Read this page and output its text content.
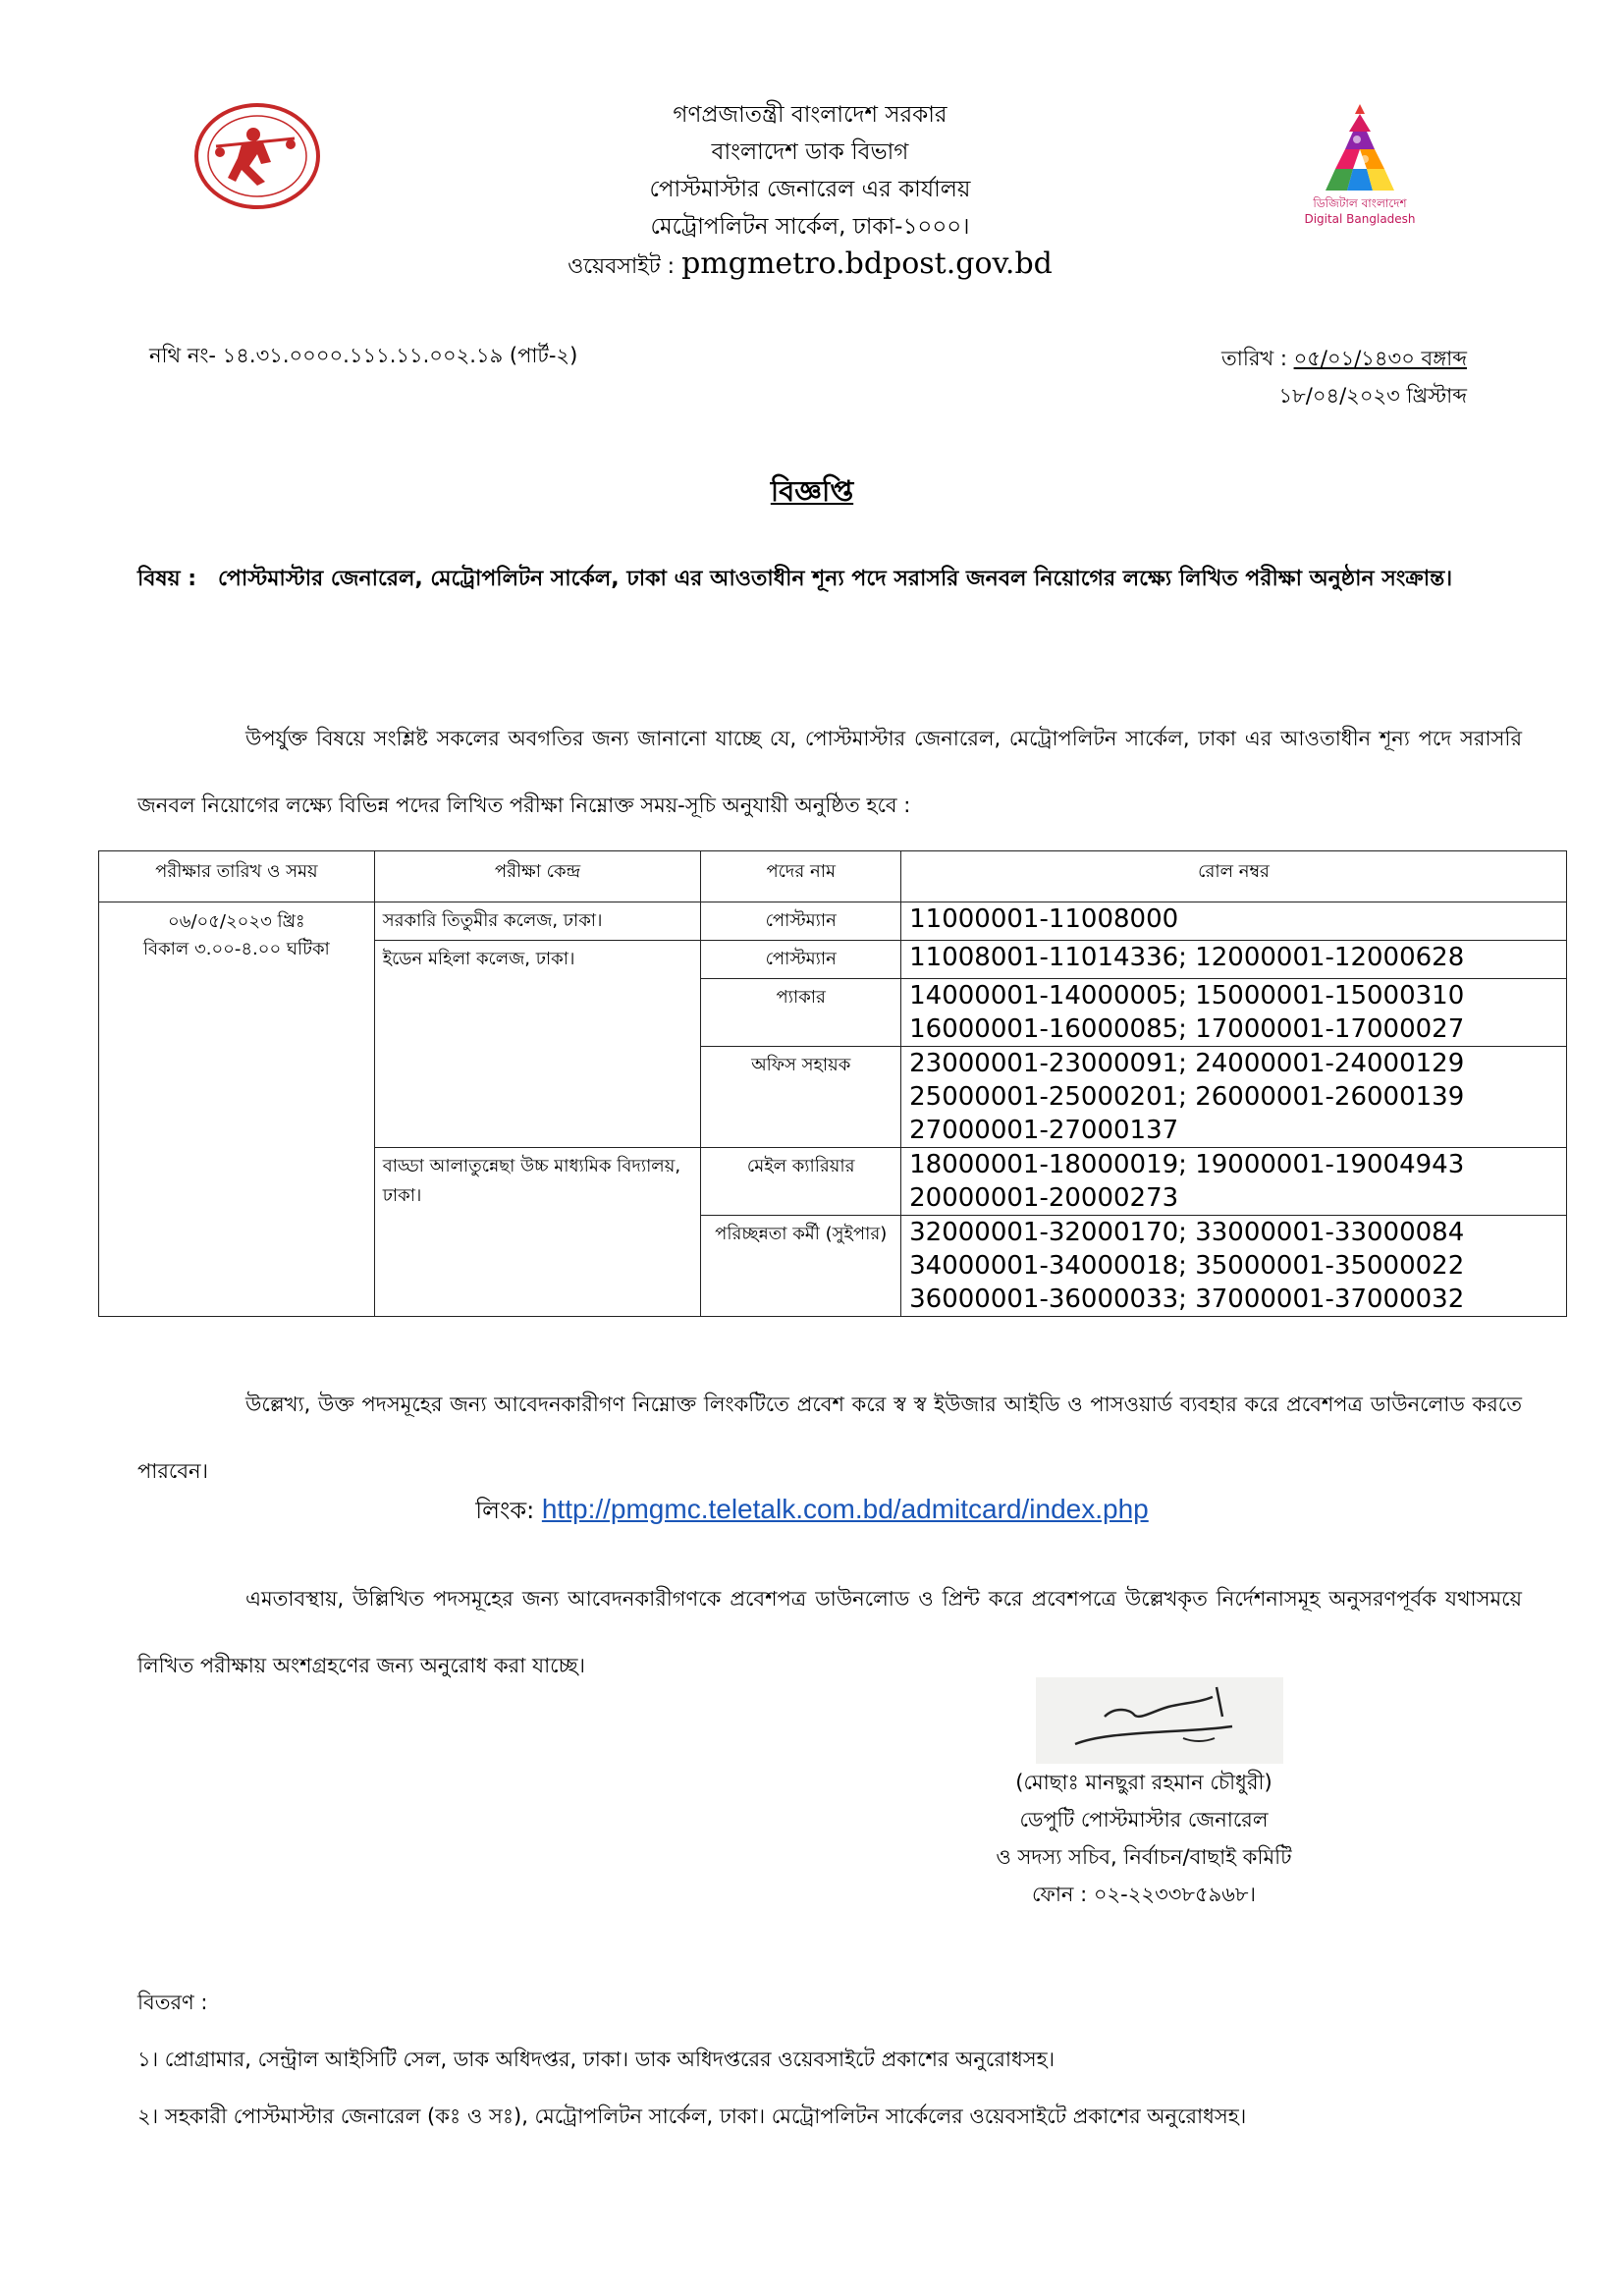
গণপ্রজাতন্ত্রী বাংলাদেশ সরকার
বাংলাদেশ ডাক বিভাগ
পোস্টমাস্টার জেনারেল এর কার্যালয়
মেট্রোপলিটন সার্কেল, ঢাকা-১০০০।
ওয়েবসাইট : pmgmetro.bdpost.gov.bd
ডিজিটাল বাংলাদেশ
Digital Bangladesh
নথি নং- ১৪.৩১.০০০০.১১১.১১.০০২.১৯ (পার্ট-২)	তারিখ : ০৫/০১/১৪৩০ বঙ্গাব্দ
১৮/০৪/২০২৩ খ্রিস্টাব্দ
বিজ্ঞপ্তি
বিষয় : পোস্টমাস্টার জেনারেল, মেট্রোপলিটন সার্কেল, ঢাকা এর আওতাধীন শূন্য পদে সরাসরি জনবল নিয়োগের লক্ষ্যে লিখিত পরীক্ষা অনুষ্ঠান সংক্রান্ত।
উপর্যুক্ত বিষয়ে সংশ্লিষ্ট সকলের অবগতির জন্য জানানো যাচ্ছে যে, পোস্টমাস্টার জেনারেল, মেট্রোপলিটন সার্কেল, ঢাকা এর আওতাধীন শূন্য পদে সরাসরি জনবল নিয়োগের লক্ষ্যে বিভিন্ন পদের লিখিত পরীক্ষা নিম্নোক্ত সময়-সূচি অনুযায়ী অনুষ্ঠিত হবে :
পরীক্ষার তারিখ ও সময়	পরীক্ষা কেন্দ্র	পদের নাম	রোল নম্বর

০৬/০৫/২০২৩ খ্রিঃ
বিকাল ৩.০০-৪.০০ ঘটিকা	সরকারি তিতুমীর কলেজ, ঢাকা।	পোস্টম্যান	11000001-11008000

	ইডেন মহিলা কলেজ, ঢাকা।	পোস্টম্যান	11008001-11014336; 12000001-12000628

		প্যাকার	14000001-14000005; 15000001-15000310
16000001-16000085; 17000001-17000027

		অফিস সহায়ক	23000001-23000091; 24000001-24000129
25000001-25000201; 26000001-26000139
27000001-27000137

	বাড্ডা আলাতুন্নেছা উচ্চ মাধ্যমিক বিদ্যালয়, ঢাকা।	মেইল ক্যারিয়ার	18000001-18000019; 19000001-19004943
20000001-20000273

		পরিচ্ছন্নতা কর্মী (সুইপার)	32000001-32000170; 33000001-33000084
34000001-34000018; 35000001-35000022
36000001-36000033; 37000001-37000032
উল্লেখ্য, উক্ত পদসমূহের জন্য আবেদনকারীগণ নিম্নোক্ত লিংকটিতে প্রবেশ করে স্ব স্ব ইউজার আইডি ও পাসওয়ার্ড ব্যবহার করে প্রবেশপত্র ডাউনলোড করতে পারবেন।
লিংক: http://pmgmc.teletalk.com.bd/admitcard/index.php
এমতাবস্থায়, উল্লিখিত পদসমূহের জন্য আবেদনকারীগণকে প্রবেশপত্র ডাউনলোড ও প্রিন্ট করে প্রবেশপত্রে উল্লেখকৃত নির্দেশনাসমূহ অনুসরণপূর্বক যথাসময়ে লিখিত পরীক্ষায় অংশগ্রহণের জন্য অনুরোধ করা যাচ্ছে।
(মোছাঃ মানছুরা রহমান চৌধুরী)
ডেপুটি পোস্টমাস্টার জেনারেল
ও সদস্য সচিব, নির্বাচন/বাছাই কমিটি
ফোন : ০২-২২৩৩৮৫৯৬৮।
বিতরণ :
১। প্রোগ্রামার, সেন্ট্রাল আইসিটি সেল, ডাক অধিদপ্তর, ঢাকা। ডাক অধিদপ্তরের ওয়েবসাইটে প্রকাশের অনুরোধসহ।
২। সহকারী পোস্টমাস্টার জেনারেল (কঃ ও সঃ), মেট্রোপলিটন সার্কেল, ঢাকা। মেট্রোপলিটন সার্কেলের ওয়েবসাইটে প্রকাশের অনুরোধসহ।
